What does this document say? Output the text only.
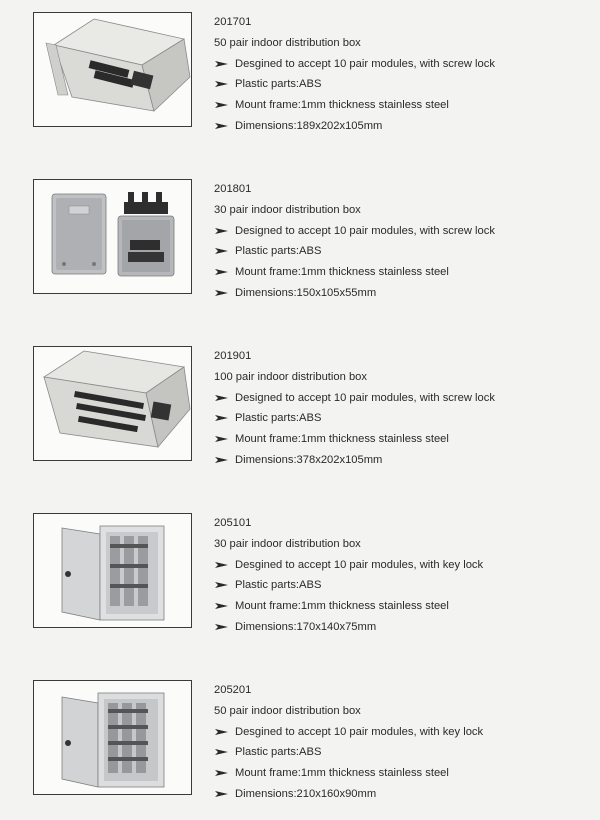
201701
50 pair indoor distribution box
Desgined to accept 10 pair modules, with screw lock
Plastic parts:ABS
Mount frame:1mm thickness stainless steel
Dimensions:189x202x105mm
201801
30 pair indoor distribution box
Designed to accept 10 pair modules, with screw lock
Plastic parts:ABS
Mount frame:1mm thickness stainless steel
Dimensions:150x105x55mm
201901
100 pair indoor distribution box
Designed to accept 10 pair modules, with screw lock
Plastic parts:ABS
Mount frame:1mm thickness stainless steel
Dimensions:378x202x105mm
205101
30 pair indoor distribution box
Desgined to accept 10 pair modules, with key lock
Plastic parts:ABS
Mount frame:1mm thickness stainless steel
Dimensions:170x140x75mm
205201
50 pair indoor distribution box
Desgined to accept 10 pair modules, with key lock
Plastic parts:ABS
Mount frame:1mm thickness stainless steel
Dimensions:210x160x90mm
